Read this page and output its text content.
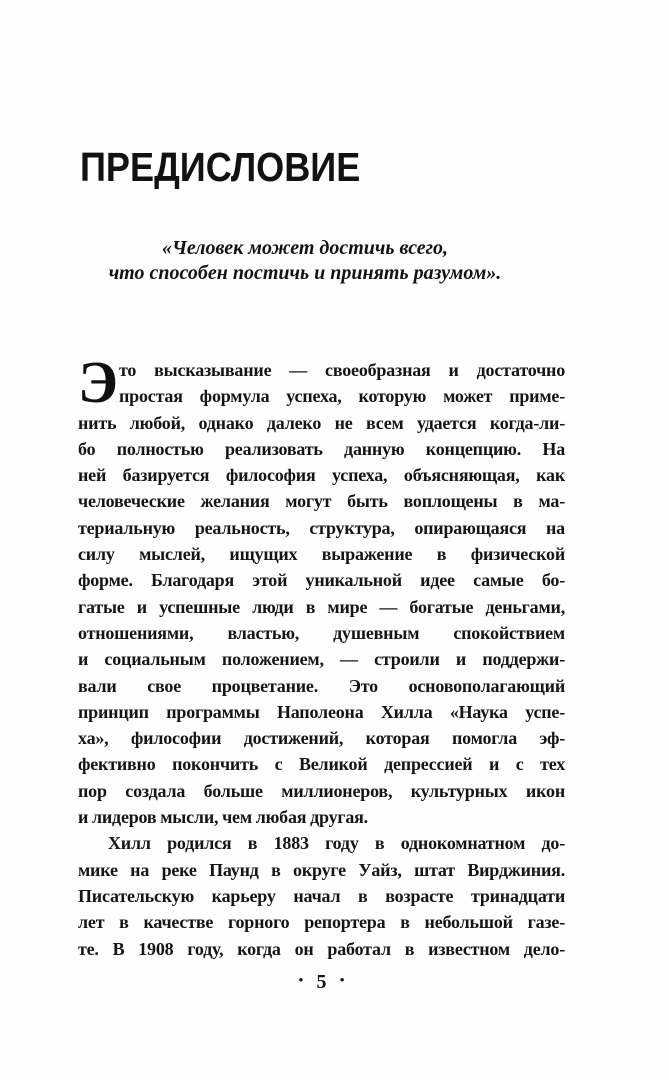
ПРЕДИСЛОВИЕ
«Человек может достичь всего,
что способен постичь и принять разумом».
Э то высказывание — своеобразная и достаточно
простая формула успеха, которую может приме-
нить любой, однако далеко не всем удается когда-ли-
бо полностью реализовать данную концепцию. На
ней базируется философия успеха, объясняющая, как
человеческие желания могут быть воплощены в ма-
териальную реальность, структура, опирающаяся на
силу мыслей, ищущих выражение в физической
форме. Благодаря этой уникальной идее самые бо-
гатые и успешные люди в мире — богатые деньгами,
отношениями, властью, душевным спокойствием
и социальным положением, — строили и поддержи-
вали свое процветание. Это основополагающий
принцип программы Наполеона Хилла «Наука успе-
ха», философии достижений, которая помогла эф-
фективно покончить с Великой депрессией и с тех
пор создала больше миллионеров, культурных икон
и лидеров мысли, чем любая другая.
Хилл родился в 1883 году в однокомнатном до-
мике на реке Паунд в округе Уайз, штат Вирджиния.
Писательскую карьеру начал в возрасте тринадцати
лет в качестве горного репортера в небольшой газе-
те. В 1908 году, когда он работал в известном дело-
• 5 •
